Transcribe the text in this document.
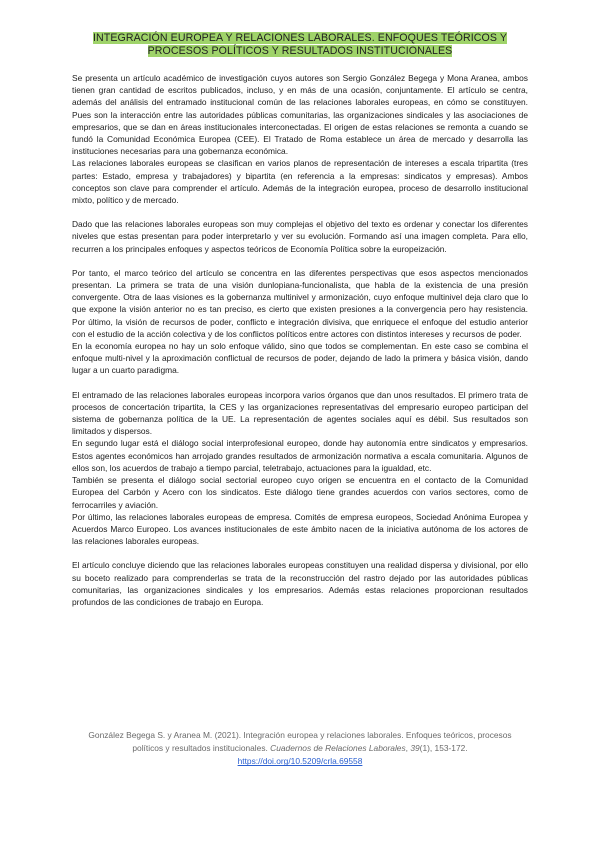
INTEGRACIÓN EUROPEA Y RELACIONES LABORALES. ENFOQUES TEÓRICOS Y PROCESOS POLÍTICOS Y RESULTADOS INSTITUCIONALES

Se presenta un artículo académico de investigación cuyos autores son Sergio González Begega y Mona Aranea, ambos tienen gran cantidad de escritos publicados, incluso, y en más de una ocasión, conjuntamente. El artículo se centra, además del análisis del entramado institucional común de las relaciones laborales europeas, en cómo se constituyen. Pues son la interacción entre las autoridades públicas comunitarias, las organizaciones sindicales y las asociaciones de empresarios, que se dan en áreas institucionales interconectadas. El origen de estas relaciones se remonta a cuando se fundó la Comunidad Económica Europea (CEE). El Tratado de Roma establece un área de mercado y desarrolla las instituciones necesarias para una gobernanza económica.

Las relaciones laborales europeas se clasifican en varios planos de representación de intereses a escala tripartita (tres partes: Estado, empresa y trabajadores) y bipartita (en referencia a la empresas: sindicatos y empresas). Ambos conceptos son clave para comprender el artículo. Además de la integración europea, proceso de desarrollo institucional mixto, político y de mercado.

Dado que las relaciones laborales europeas son muy complejas el objetivo del texto es ordenar y conectar los diferentes niveles que estas presentan para poder interpretarlo y ver su evolución. Formando así una imagen completa. Para ello, recurren a los principales enfoques y aspectos teóricos de Economía Política sobre la europeización.

Por tanto, el marco teórico del artículo se concentra en las diferentes perspectivas que esos aspectos mencionados presentan. La primera se trata de una visión dunlopiana-funcionalista, que habla de la existencia de una presión convergente. Otra de laas visiones es la gobernanza multinivel y armonización, cuyo enfoque multinivel deja claro que lo que expone la visión anterior no es tan preciso, es cierto que existen presiones a la convergencia pero hay resistencia. Por último, la visión de recursos de poder, conflicto e integración divisiva, que enriquece el enfoque del estudio anterior con el estudio de la acción colectiva y de los conflictos políticos entre actores con distintos intereses y recursos de poder.

En la economía europea no hay un solo enfoque válido, sino que todos se complementan. En este caso se combina el enfoque multi-nivel y la aproximación conflictual de recursos de poder, dejando de lado la primera y básica visión, dando lugar a un cuarto paradigma.

El entramado de las relaciones laborales europeas incorpora varios órganos que dan unos resultados. El primero trata de procesos de concertación tripartita, la CES y las organizaciones representativas del empresario europeo participan del sistema de gobernanza política de la UE. La representación de agentes sociales aquí es débil. Sus resultados son limitados y dispersos.

En segundo lugar está el diálogo social interprofesional europeo, donde hay autonomía entre sindicatos y empresarios. Estos agentes económicos han arrojado grandes resultados de armonización normativa a escala comunitaria. Algunos de ellos son, los acuerdos de trabajo a tiempo parcial, teletrabajo, actuaciones para la igualdad, etc.

También se presenta el diálogo social sectorial europeo cuyo origen se encuentra en el contacto de la Comunidad Europea del Carbón y Acero con los sindicatos. Este diálogo tiene grandes acuerdos con varios sectores, como de ferrocarriles y aviación.

Por último, las relaciones laborales europeas de empresa. Comités de empresa europeos, Sociedad Anónima Europea y Acuerdos Marco Europeo. Los avances institucionales de este ámbito nacen de la iniciativa autónoma de los actores de las relaciones laborales europeas.

El artículo concluye diciendo que las relaciones laborales europeas constituyen una realidad dispersa y divisional, por ello su boceto realizado para comprenderlas se trata de la reconstrucción del rastro dejado por las autoridades públicas comunitarias, las organizaciones sindicales y los empresarios. Además estas relaciones proporcionan resultados profundos de las condiciones de trabajo en Europa.

González Begega S. y Aranea M. (2021). Integración europea y relaciones laborales. Enfoques teóricos, procesos políticos y resultados institucionales. Cuadernos de Relaciones Laborales, 39(1), 153-172.

https://doi.org/10.5209/crla.69558
